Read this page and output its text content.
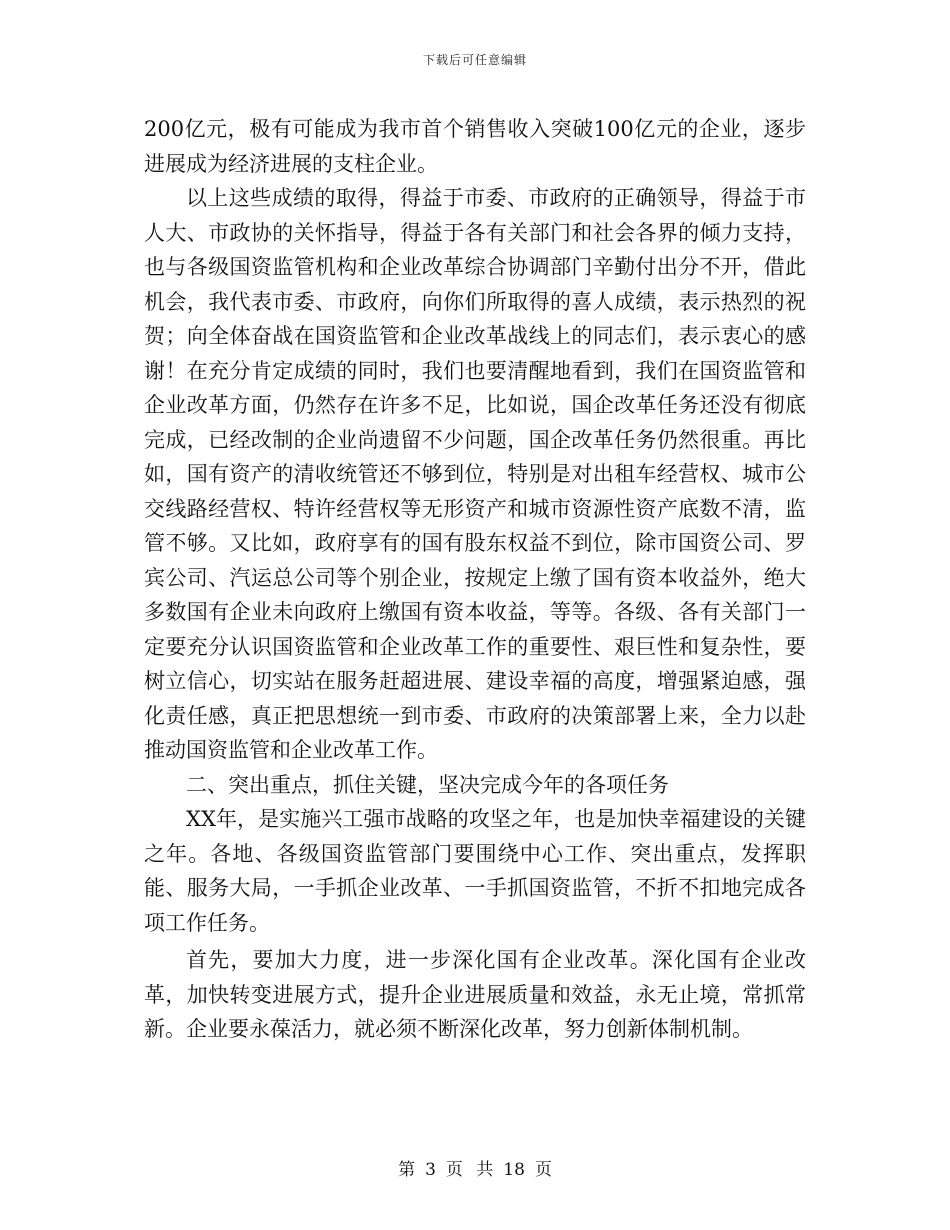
下载后可任意编辑

200亿元，极有可能成为我市首个销售收入突破100亿元的企业，逐步进展成为经济进展的支柱企业。

以上这些成绩的取得，得益于市委、市政府的正确领导，得益于市人大、市政协的关怀指导，得益于各有关部门和社会各界的倾力支持，也与各级国资监管机构和企业改革综合协调部门辛勤付出分不开，借此机会，我代表市委、市政府，向你们所取得的喜人成绩，表示热烈的祝贺；向全体奋战在国资监管和企业改革战线上的同志们，表示衷心的感谢！在充分肯定成绩的同时，我们也要清醒地看到，我们在国资监管和企业改革方面，仍然存在许多不足，比如说，国企改革任务还没有彻底完成，已经改制的企业尚遗留不少问题，国企改革任务仍然很重。再比如，国有资产的清收统管还不够到位，特别是对出租车经营权、城市公交线路经营权、特许经营权等无形资产和城市资源性资产底数不清，监管不够。又比如，政府享有的国有股东权益不到位，除市国资公司、罗宾公司、汽运总公司等个别企业，按规定上缴了国有资本收益外，绝大多数国有企业未向政府上缴国有资本收益，等等。各级、各有关部门一定要充分认识国资监管和企业改革工作的重要性、艰巨性和复杂性，要树立信心，切实站在服务赶超进展、建设幸福的高度，增强紧迫感，强化责任感，真正把思想统一到市委、市政府的决策部署上来，全力以赴推动国资监管和企业改革工作。

二、突出重点，抓住关键，坚决完成今年的各项任务

XX年，是实施兴工强市战略的攻坚之年，也是加快幸福建设的关键之年。各地、各级国资监管部门要围绕中心工作、突出重点，发挥职能、服务大局，一手抓企业改革、一手抓国资监管，不折不扣地完成各项工作任务。

首先，要加大力度，进一步深化国有企业改革。深化国有企业改革，加快转变进展方式，提升企业进展质量和效益，永无止境，常抓常新。企业要永葆活力，就必须不断深化改革，努力创新体制机制。

第 3 页 共 18 页
